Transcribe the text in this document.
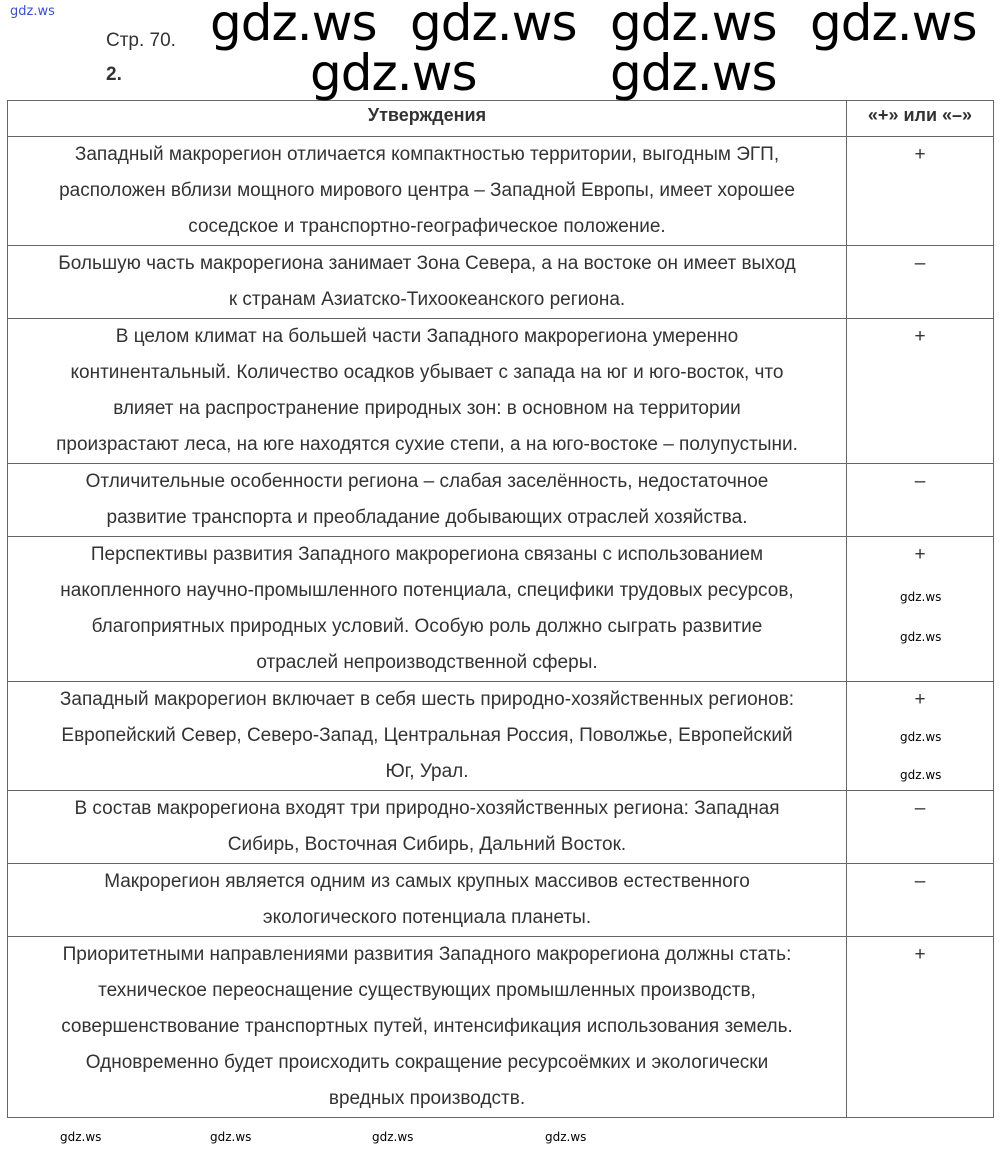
Стр. 70.
2.
Утверждения	«+» или «–»

Западный макрорегион отличается компактностью территории, выгодным ЭГП,
расположен вблизи мощного мирового центра – Западной Европы, имеет хорошее
соседское и транспортно-географическое положение.	+

Большую часть макрорегиона занимает Зона Севера, а на востоке он имеет выход
к странам Азиатско-Тихоокеанского региона.	–

В целом климат на большей части Западного макрорегиона умеренно
континентальный. Количество осадков убывает с запада на юг и юго-восток, что
влияет на распространение природных зон: в основном на территории
произрастают леса, на юге находятся сухие степи, а на юго-востоке – полупустыни.	+

Отличительные особенности региона – слабая заселённость, недостаточное
развитие транспорта и преобладание добывающих отраслей хозяйства.	–

Перспективы развития Западного макрорегиона связаны с использованием
накопленного научно-промышленного потенциала, специфики трудовых ресурсов,
благоприятных природных условий. Особую роль должно сыграть развитие
отраслей непроизводственной сферы.	+

Западный макрорегион включает в себя шесть природно-хозяйственных регионов:
Европейский Север, Северо-Запад, Центральная Россия, Поволжье, Европейский
Юг, Урал.	+

В состав макрорегиона входят три природно-хозяйственных региона: Западная
Сибирь, Восточная Сибирь, Дальний Восток.	–

Макрорегион является одним из самых крупных массивов естественного
экологического потенциала планеты.	–

Приоритетными направлениями развития Западного макрорегиона должны стать:
техническое переоснащение существующих промышленных производств,
совершенствование транспортных путей, интенсификация использования земель.
Одновременно будет происходить сокращение ресурсоёмких и экологически
вредных производств.	+
gdz.ws	gdz.ws gdz.ws gdz.ws gdz.ws
gdz.ws	gdz.ws
gdz.ws	gdz.ws	gdz.ws
gdz.ws
gdz.ws
gdz.ws
gdz.ws
gdz.ws
